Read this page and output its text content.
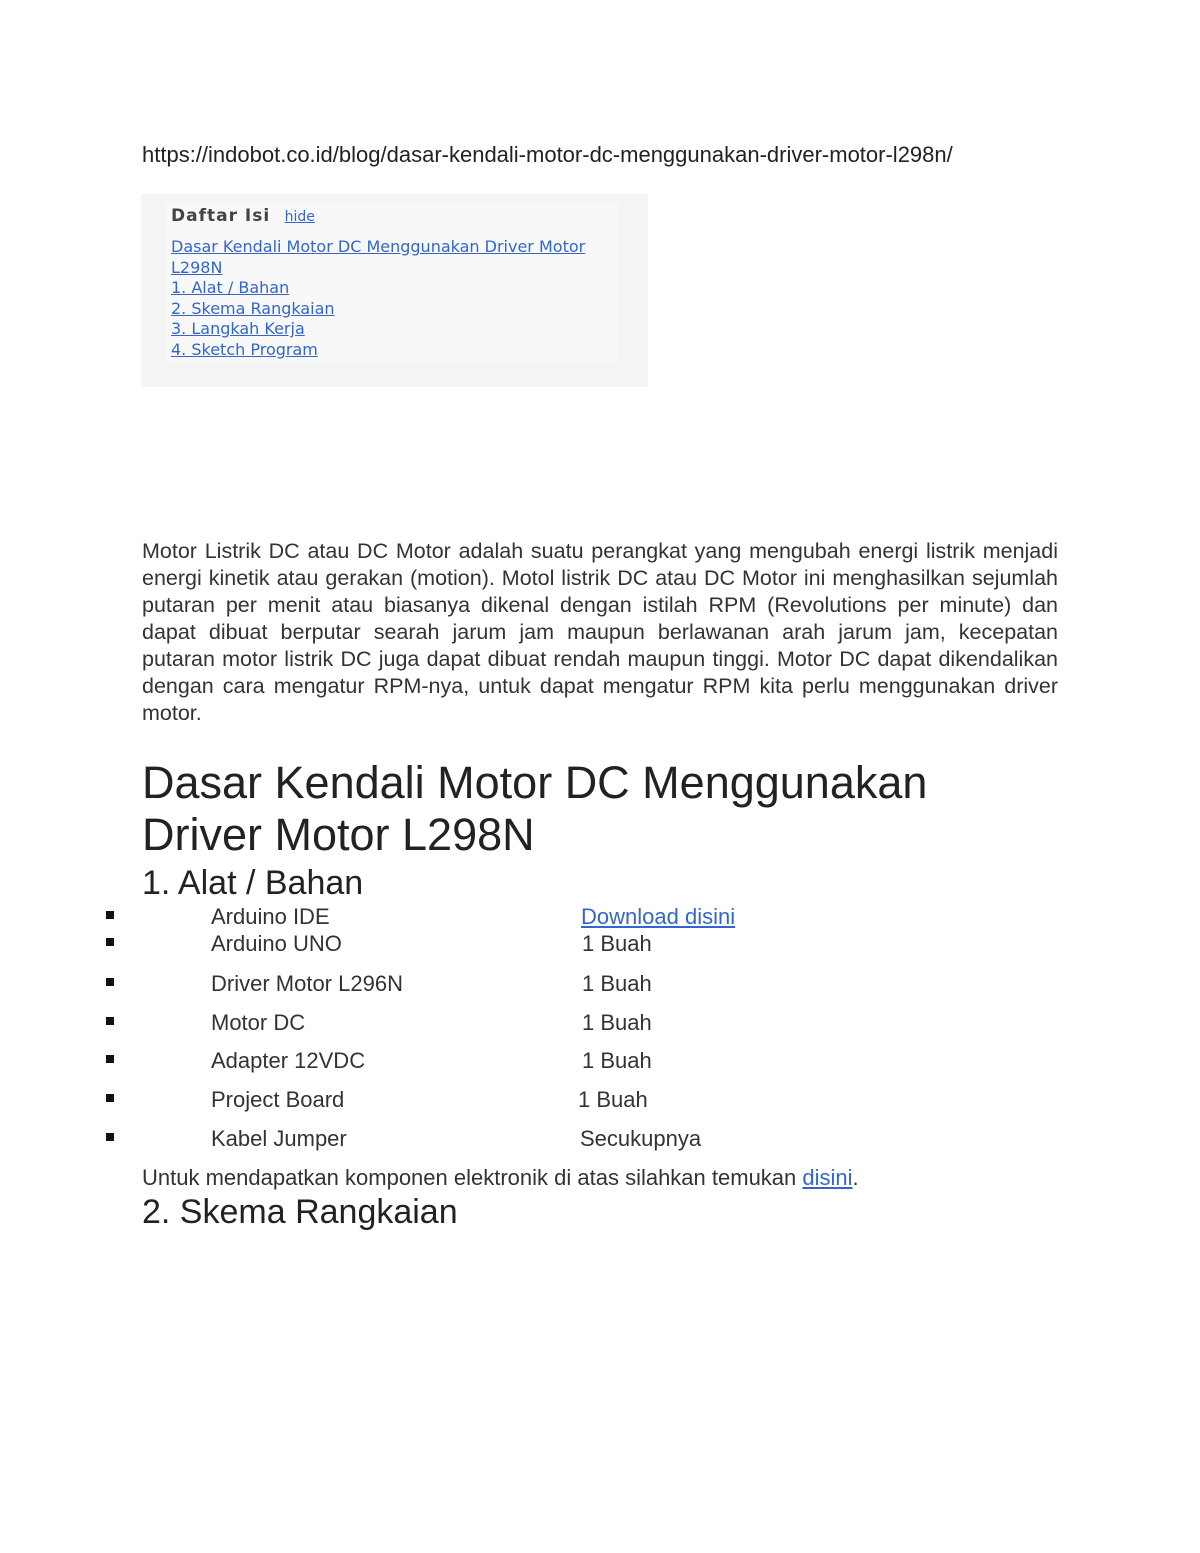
https://indobot.co.id/blog/dasar-kendali-motor-dc-menggunakan-driver-motor-l298n/
Daftar Isi hide
Dasar Kendali Motor DC Menggunakan Driver Motor L298N
1. Alat / Bahan
2. Skema Rangkaian
3. Langkah Kerja
4. Sketch Program

Motor Listrik DC atau DC Motor adalah suatu perangkat yang mengubah energi listrik menjadi energi kinetik atau gerakan (motion). Motol listrik DC atau DC Motor ini menghasilkan sejumlah putaran per menit atau biasanya dikenal dengan istilah RPM (Revolutions per minute) dan dapat dibuat berputar searah jarum jam maupun berlawanan arah jarum jam, kecepatan putaran motor listrik DC juga dapat dibuat rendah maupun tinggi. Motor DC dapat dikendalikan dengan cara mengatur RPM-nya, untuk dapat mengatur RPM kita perlu menggunakan driver motor.

Dasar Kendali Motor DC Menggunakan Driver Motor L298N
1. Alat / Bahan
Arduino IDE	Download disini
Arduino UNO	1 Buah
Driver Motor L296N	1 Buah
Motor DC	1 Buah
Adapter 12VDC	1 Buah
Project Board	1 Buah
Kabel Jumper	Secukupnya
Untuk mendapatkan komponen elektronik di atas silahkan temukan disini.
2. Skema Rangkaian
